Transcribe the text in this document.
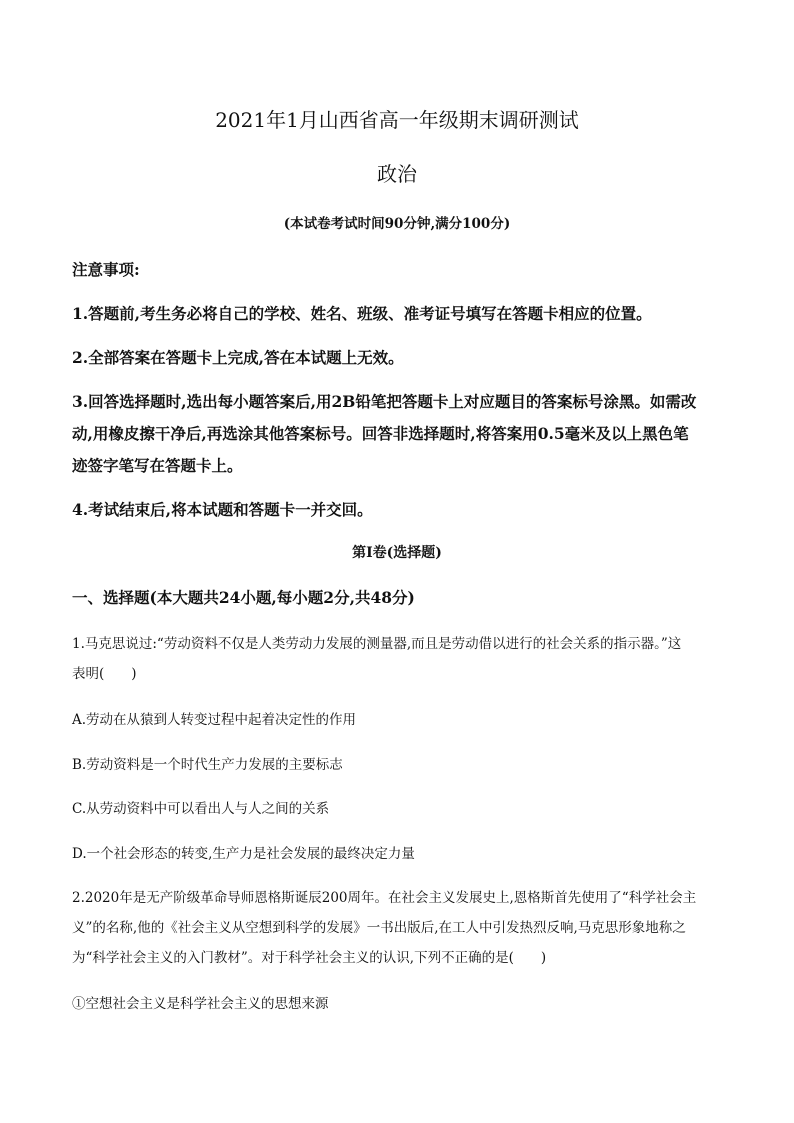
2021年1月山西省高一年级期末调研测试
政治
(本试卷考试时间90分钟,满分100分)
注意事项:
1.答题前,考生务必将自己的学校、姓名、班级、准考证号填写在答题卡相应的位置。
2.全部答案在答题卡上完成,答在本试题上无效。
3.回答选择题时,选出每小题答案后,用2B铅笔把答题卡上对应题目的答案标号涂黑。如需改
动,用橡皮擦干净后,再选涂其他答案标号。回答非选择题时,将答案用0.5毫米及以上黑色笔
迹签字笔写在答题卡上。
4.考试结束后,将本试题和答题卡一并交回。
第Ⅰ卷(选择题)
一、选择题(本大题共24小题,每小题2分,共48分)
1.马克思说过:“劳动资料不仅是人类劳动力发展的测量器,而且是劳动借以进行的社会关系的指示器。”这
表明(　　)
A.劳动在从猿到人转变过程中起着决定性的作用
B.劳动资料是一个时代生产力发展的主要标志
C.从劳动资料中可以看出人与人之间的关系
D.一个社会形态的转变,生产力是社会发展的最终决定力量
2.2020年是无产阶级革命导师恩格斯诞辰200周年。在社会主义发展史上,恩格斯首先使用了“科学社会主
义”的名称,他的《社会主义从空想到科学的发展》一书出版后,在工人中引发热烈反响,马克思形象地称之
为“科学社会主义的入门教材”。对于科学社会主义的认识,下列不正确的是(　　)
①空想社会主义是科学社会主义的思想来源
